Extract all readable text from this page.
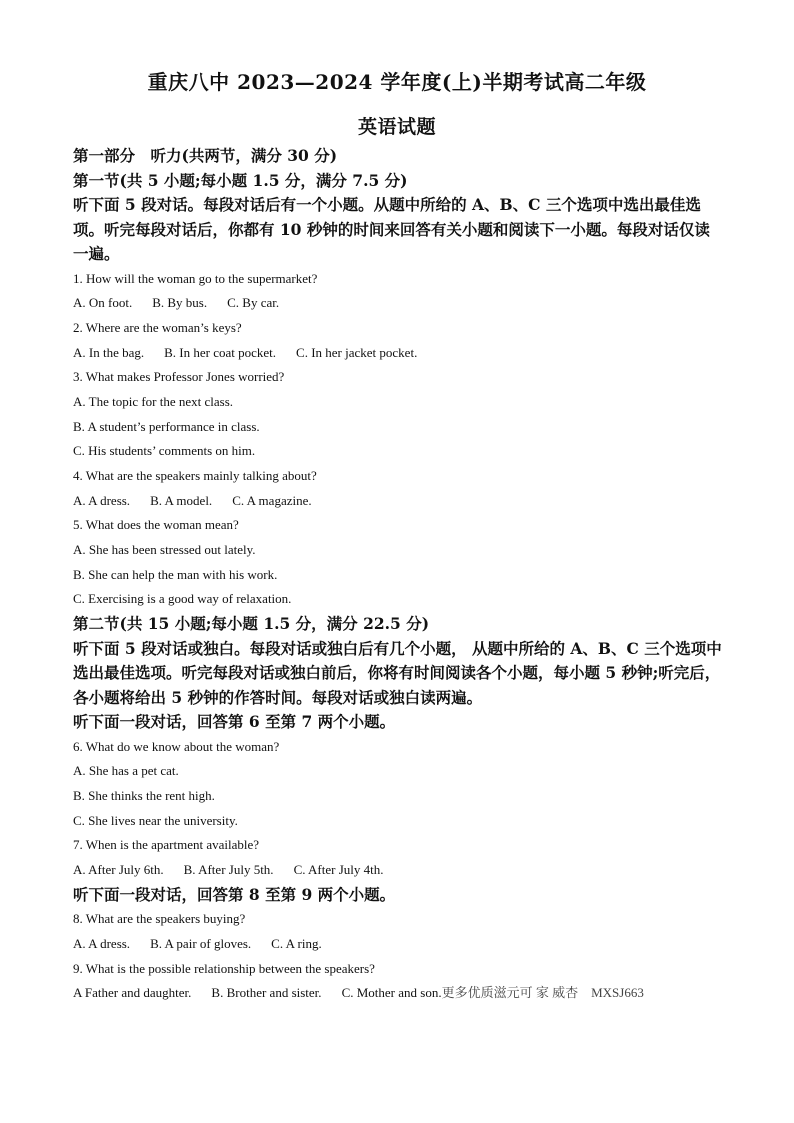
重庆八中 2023—2024 学年度(上)半期考试高二年级
英语试题
第一部分　听力(共两节，满分 30 分)
第一节(共 5 小题;每小题 1.5 分，满分 7.5 分)
听下面 5 段对话。每段对话后有一个小题。从题中所给的 A、B、C 三个选项中选出最佳选项。听完每段对话后，你都有 10 秒钟的时间来回答有关小题和阅读下一小题。每段对话仅读一遍。
1. How will the woman go to the supermarket?
A. On foot. B. By bus. C. By car.
2. Where are the woman’s keys?
A. In the bag. B. In her coat pocket. C. In her jacket pocket.
3. What makes Professor Jones worried?
A. The topic for the next class.
B. A student’s performance in class.
C. His students’ comments on him.
4. What are the speakers mainly talking about?
A. A dress. B. A model. C. A magazine.
5. What does the woman mean?
A. She has been stressed out lately.
B. She can help the man with his work.
C. Exercising is a good way of relaxation.
第二节(共 15 小题;每小题 1.5 分，满分 22.5 分)
听下面 5 段对话或独白。每段对话或独白后有几个小题， 从题中所给的 A、B、C 三个选项中选出最佳选项。听完每段对话或独白前后，你将有时间阅读各个小题，每小题 5 秒钟;听完后，各小题将给出 5 秒钟的作答时间。每段对话或独白读两遍。
听下面一段对话，回答第 6 至第 7 两个小题。
6. What do we know about the woman?
A. She has a pet cat.
B. She thinks the rent high.
C. She lives near the university.
7. When is the apartment available?
A. After July 6th. B. After July 5th. C. After July 4th.
听下面一段对话，回答第 8 至第 9 两个小题。
8. What are the speakers buying?
A. A dress. B. A pair of gloves. C. A ring.
9. What is the possible relationship between the speakers?
A Father and daughter. B. Brother and sister. C. Mother and son.更多优质滋元可 家 威杏　MXSJ663
